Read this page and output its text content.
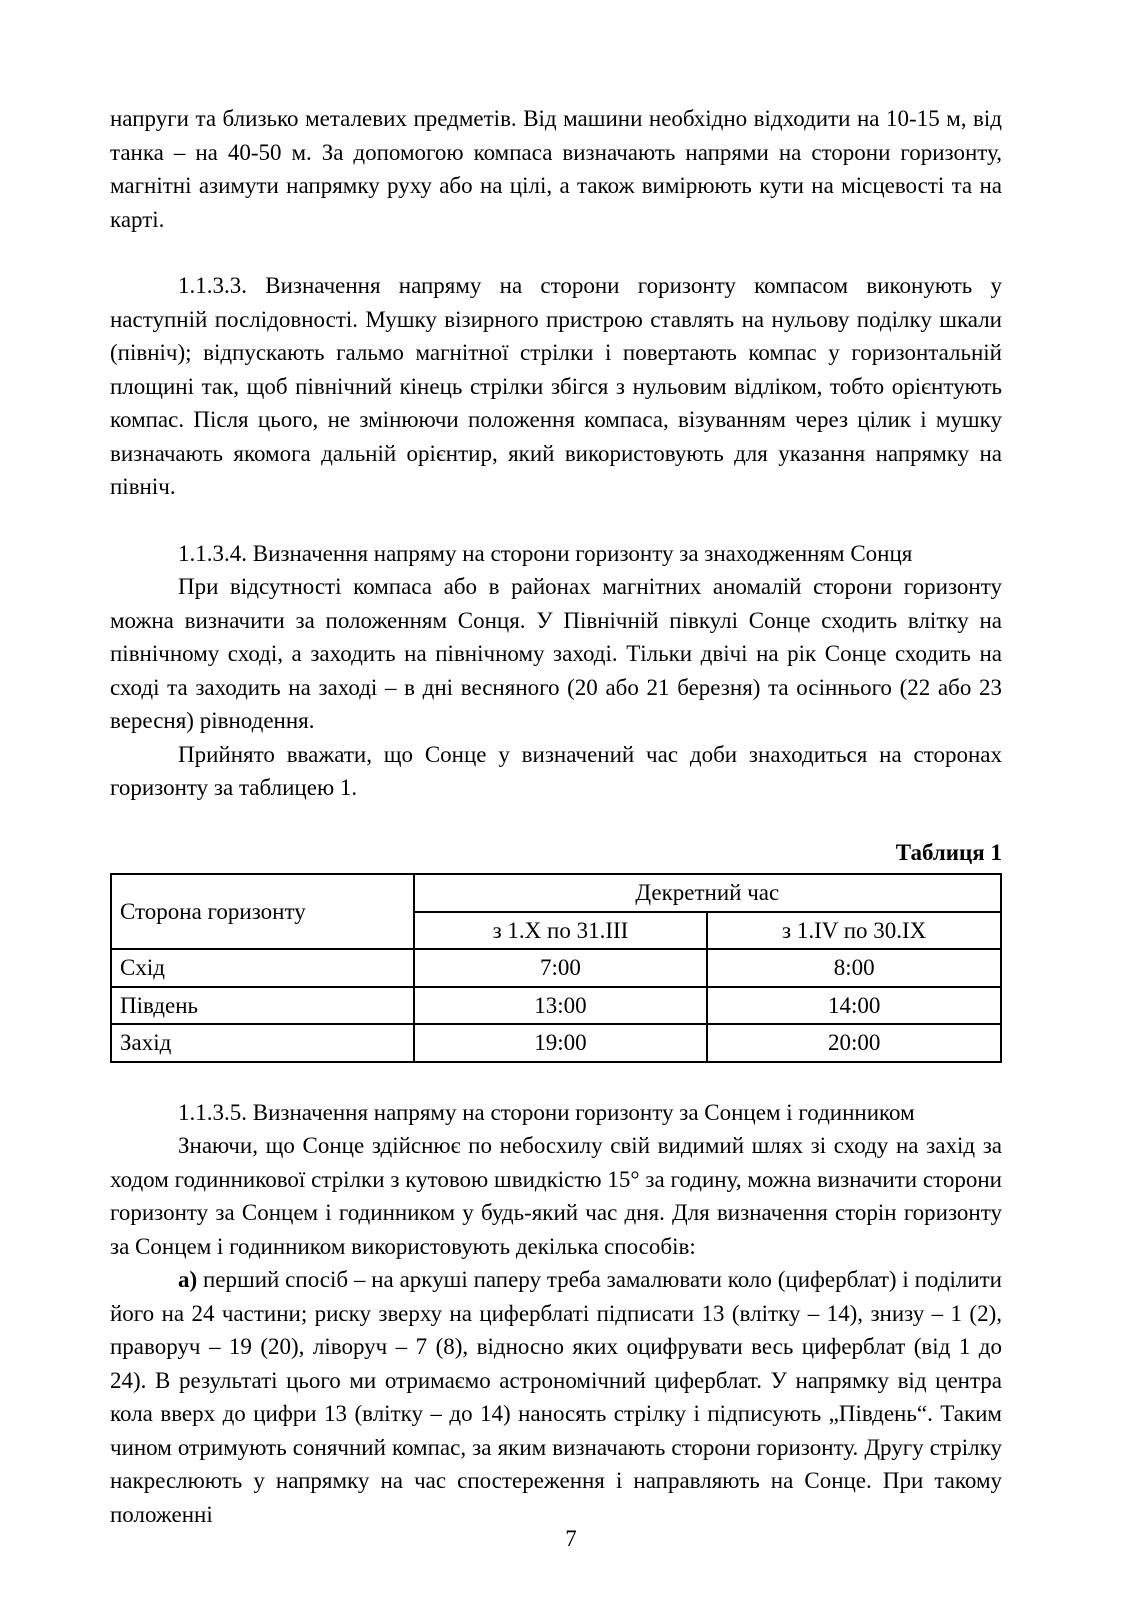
напруги та близько металевих предметів. Від машини необхідно відходити на 10-15 м, від танка – на 40-50 м. За допомогою компаса визначають напрями на сторони горизонту, магнітні азимути напрямку руху або на цілі, а також вимірюють кути на місцевості та на карті.

1.1.3.3. Визначення напряму на сторони горизонту компасом виконують у наступній послідовності. Мушку візирного пристрою ставлять на нульову поділку шкали (північ); відпускають гальмо магнітної стрілки і повертають компас у горизонтальній площині так, щоб північний кінець стрілки збігся з нульовим відліком, тобто орієнтують компас. Після цього, не змінюючи положення компаса, візуванням через цілик і мушку визначають якомога дальній орієнтир, який використовують для указання напрямку на північ.

1.1.3.4. Визначення напряму на сторони горизонту за знаходженням Сонця

При відсутності компаса або в районах магнітних аномалій сторони горизонту можна визначити за положенням Сонця. У Північній півкулі Сонце сходить влітку на північному сході, а заходить на північному заході. Тільки двічі на рік Сонце сходить на сході та заходить на заході – в дні весняного (20 або 21 березня) та осіннього (22 або 23 вересня) рівнодення.

Прийнято вважати, що Сонце у визначений час доби знаходиться на сторонах горизонту за таблицею 1.

Таблиця 1
Сторона горизонту	Декретний час	
	з 1.X по 31.III	з 1.IV по 30.IX
Схід	7:00	8:00
Південь	13:00	14:00
Захід	19:00	20:00

1.1.3.5. Визначення напряму на сторони горизонту за Сонцем і годинником

Знаючи, що Сонце здійснює по небосхилу свій видимий шлях зі сходу на захід за ходом годинникової стрілки з кутовою швидкістю 15° за годину, можна визначити сторони горизонту за Сонцем і годинником у будь-який час дня. Для визначення сторін горизонту за Сонцем і годинником використовують декілька способів:

а) перший спосіб – на аркуші паперу треба замалювати коло (циферблат) і поділити його на 24 частини; риску зверху на циферблаті підписати 13 (влітку – 14), знизу – 1 (2), праворуч – 19 (20), ліворуч – 7 (8), відносно яких оцифрувати весь циферблат (від 1 до 24). В результаті цього ми отримаємо астрономічний циферблат. У напрямку від центра кола вверх до цифри 13 (влітку – до 14) наносять стрілку і підписують „Південь“. Таким чином отримують сонячний компас, за яким визначають сторони горизонту. Другу стрілку накреслюють у напрямку на час спостереження і направляють на Сонце. При такому положенні

7
